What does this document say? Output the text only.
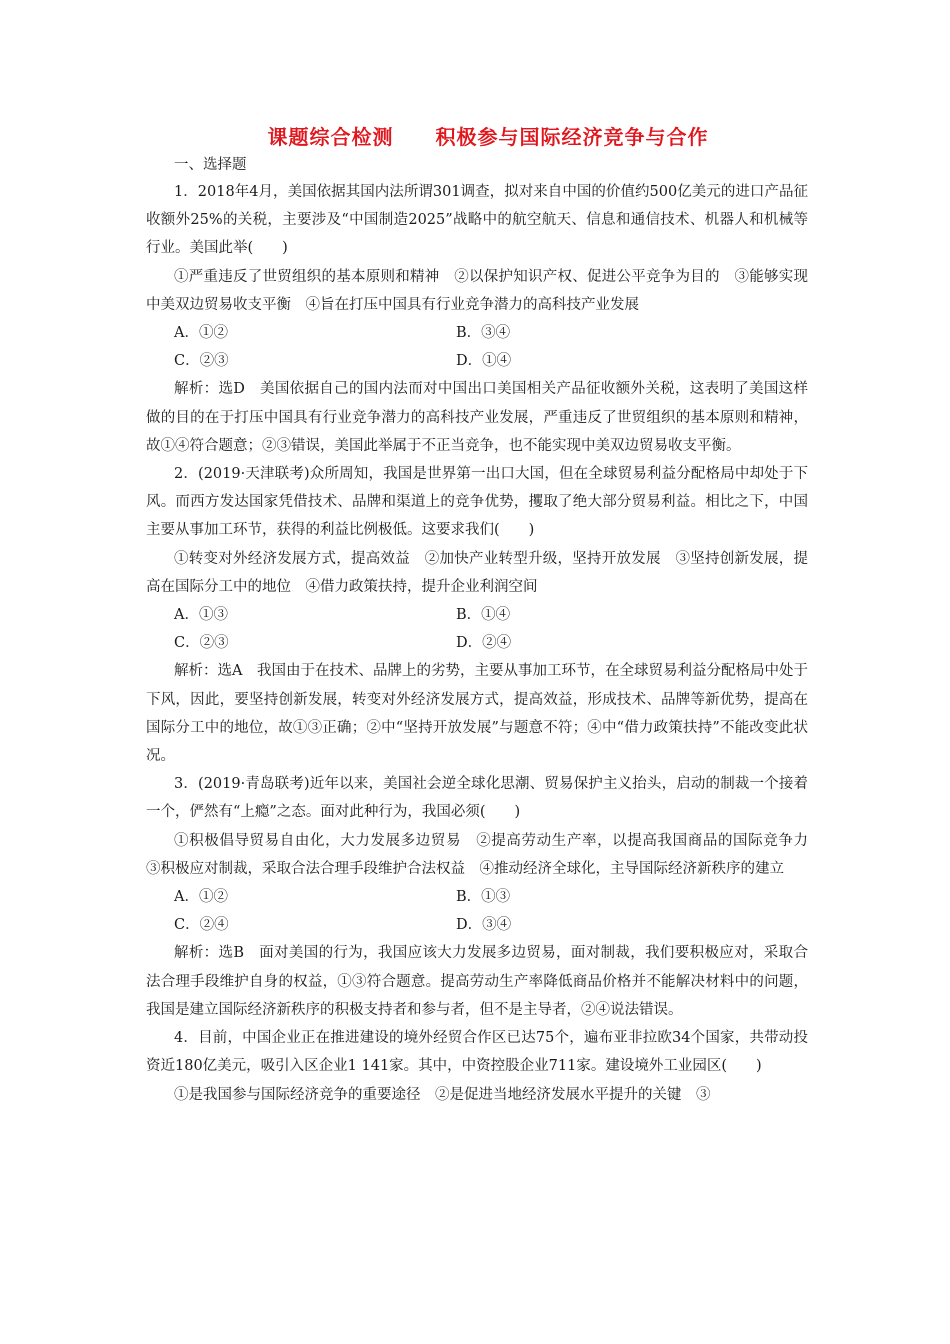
课题综合检测　　积极参与国际经济竞争与合作
一、选择题

1．2018年4月，美国依据其国内法所谓301调查，拟对来自中国的价值约500亿美元的进口产品征收额外25%的关税，主要涉及“中国制造2025”战略中的航空航天、信息和通信技术、机器人和机械等行业。美国此举(　　)

①严重违反了世贸组织的基本原则和精神　②以保护知识产权、促进公平竞争为目的　③能够实现中美双边贸易收支平衡　④旨在打压中国具有行业竞争潜力的高科技产业发展

A．①②	B．③④
C．②③	D．①④

解析：选D　美国依据自己的国内法而对中国出口美国相关产品征收额外关税，这表明了美国这样做的目的在于打压中国具有行业竞争潜力的高科技产业发展，严重违反了世贸组织的基本原则和精神，故①④符合题意；②③错误，美国此举属于不正当竞争，也不能实现中美双边贸易收支平衡。

2．(2019·天津联考)众所周知，我国是世界第一出口大国，但在全球贸易利益分配格局中却处于下风。而西方发达国家凭借技术、品牌和渠道上的竞争优势，攫取了绝大部分贸易利益。相比之下，中国主要从事加工环节，获得的利益比例极低。这要求我们(　　)

①转变对外经济发展方式，提高效益　②加快产业转型升级，坚持开放发展　③坚持创新发展，提高在国际分工中的地位　④借力政策扶持，提升企业利润空间

A．①③	B．①④
C．②③	D．②④

解析：选A　我国由于在技术、品牌上的劣势，主要从事加工环节，在全球贸易利益分配格局中处于下风，因此，要坚持创新发展，转变对外经济发展方式，提高效益，形成技术、品牌等新优势，提高在国际分工中的地位，故①③正确；②中“坚持开放发展”与题意不符；④中“借力政策扶持”不能改变此状况。

3．(2019·青岛联考)近年以来，美国社会逆全球化思潮、贸易保护主义抬头，启动的制裁一个接着一个，俨然有“上瘾”之态。面对此种行为，我国必须(　　)

①积极倡导贸易自由化，大力发展多边贸易　②提高劳动生产率，以提高我国商品的国际竞争力　③积极应对制裁，采取合法合理手段维护合法权益　④推动经济全球化，主导国际经济新秩序的建立

A．①②	B．①③
C．②④	D．③④

解析：选B　面对美国的行为，我国应该大力发展多边贸易，面对制裁，我们要积极应对，采取合法合理手段维护自身的权益，①③符合题意。提高劳动生产率降低商品价格并不能解决材料中的问题，我国是建立国际经济新秩序的积极支持者和参与者，但不是主导者，②④说法错误。

4．目前，中国企业正在推进建设的境外经贸合作区已达75个，遍布亚非拉欧34个国家，共带动投资近180亿美元，吸引入区企业1 141家。其中，中资控股企业711家。建设境外工业园区(　　)

①是我国参与国际经济竞争的重要途径　②是促进当地经济发展水平提升的关键　③
